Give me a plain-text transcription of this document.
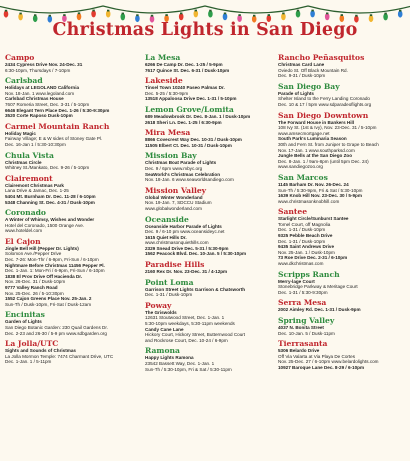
Christmas Lights in San Diego
Campo
2434 Cypress Drive Nov. 24-Dec. 31
6:30-10pm, Thursdays / 7-10pm
Carlsbad
Holidays at LEGOLAND California
Nov. 18-Jan. 1 www.legoland.com
Carlsbad Christmas House
7607 Romeria Street, Dec. 3-31 / 5-10pm
6646 Elegant Tern Place Dec. 1-26 / 5:30-9:30pm
3520 Corte Raposo Dusk-10pm
Carmel Mountain Ranch
Holiday Magic
Fairway Village; E & W sides of Stoney Gate Pl.
Dec. 16-Jan 1 / 5:30-10:30pm
Chula Vista
Christmas Circle
Whitney St./Mankato, Dec. 9-26 / 5-10pm
Clairemont
Clairemont Christmas Park
Lana Drive & Jamac, Dec. 1-25
5404 Mt. Burnham Dr. Dec. 11-28 / 6-10pm
5348 Channing St. Dec. 4-31 / Dusk-10pm
Coronado
A Winter of Whimsy, Wishes and Wonder
Hotel del Coronado, 1500 Orange Ave.
www.hoteldel.com
El Cajon
Jingle Bell Hill (Pepper Dr. Lights)
Solomon Ave./Pepper Drive
Dec. 7-26: Mon-Thr / 6-9pm, Fri-Sun / 6-10pm
Nightmare Before Christmas 11456 Pepper Pl.
Dec. 1-Jan. 1: Mon-Fri / 6-9pm, Fri-Sun / 6-10pm
1838 El Prov Drive Off Hacienda Dr.
Nov. 26-Dec. 31 / Dusk-10pm
9777 Valley Ranch Road
Nov. 25-Dec. 26 / 5-10:30pm
1552 Cajon Greens Place Nov. 25-Jan. 2
Sun-Th / Dusk-10pm, Fri-Sat / Dusk-12am
Encinitas
Garden of Lights
San Diego Botanic Garden: 230 Quail Gardens Dr.
Dec. 2-23 and 26-30 / 5-9 pm www.sdbgarden.org
La Jolla/UTC
Sights and Sounds of Christmas
La Jolla Mormon Temple: 7474 Charmant Drive, UTC
Dec. 1-Jan. 1 / 5-11pm
La Mesa
6266 De Camp Dr. Dec. 1-25 / 5-9pm
7617 Quince St. Dec. 6-31 / Dusk-10pm
Lakeside
Tinsel Town 10240 Paseo Palmas Dr.
Dec. 5-25 / 5:30-9pm
13518 Appaloosa Drive Dec. 1-31 / 5-10pm
Lemon Grove/Lomita
689 Meadowbrook Dr. Dec. 8-Jan. 1 / Dusk-10pm
2618 Sheri Ln. Dec. 1-25 / 6:30-9pm
Mira Mesa
8866 Covecrest Way Dec. 10-31 / Dusk-10pm
11505 Elbert Ct. Dec. 10-31 / Dusk-10pm
Mission Bay
Christmas Boat Parade of Lights
Dec. 9 / 6pm www.mbyc.org
SeaWorld's Christmas Celebration
Nov. 18-Jan. 6 www.seaworldsandiego.com
Mission Valley
Global Winter Wonderland
Nov. 19-Jan. 7, SDCCU Stadium
www.globalwonderland.com
Oceanside
Oceanside Harbor Parade of Lights
Dec. 9 / 6-10 pm www.oceansideyc.net
1615 Quiet Hills Dr.
www.christmasonquiethills.com
2329 Snead Drive Dec. 5-31 / 5:30-9pm
1562 Peacock Blvd. Dec. 10-Jan. 5 / 5:30-10pm
Paradise Hills
2160 Rex Dr. Nov. 23-Dec. 31 / 4-12pm
Point Loma
Garrison Street Lights Garrison & Chatsworth
Dec. 1-31 / Dusk-10pm
Poway
The Griswolds
12631 Stoutwood Street, Dec. 1-Jan. 1
5:30-10pm weekdays, 5:30-11pm weekends
Candy Cane Lane
Hickory Court, Hickory Street, Butternwood Court
and Rockrose Court, Dec. 10-24 / 6-9pm
Ramona
Happy Lights Ramona
23542 Bassett Way, Dec. 1-Jan. 1
Sun-Th / 5:30-10pm, Fri & Sat / 5:30-11pm
Rancho Peñasquitos
Christmas Card Lane
Oviedo St. Off Black Mountain Rd.
Dec. 9-31 / Dusk-10pm
San Diego Bay
Parade of Lights
Shelter Island to the Ferry Landing Coronado
Dec. 10 & 17 / 5pm www.sdparadeoflights.org
San Diego Downtown
The Forward House in Bankers Hill
108 Ivy St. (1st & Ivy), Nov. 23-Dec. 31 / 5-10pm
www.amsecmortgage.net
South Park's Luminaria Season
30th and Fern St. from Juniper to Grape to Beach
Nov. 17-Jan. 1 www.southparksd.com
Jungle Bells at the San Diego Zoo
Dec. 8-Jan. 1 / 9am-8pm (until 5pm Dec. 24)
www.sandiegozoo.org
San Marcos
1145 Barham Dr. Nov. 26-Dec. 24
Sun-Th / 5:30-9pm, Fri & Sat / 5:30-10pm
1639 Knob Hill Nov. 23-Dec. 30 / 5-9pm
www.christmasonknobhill.com
Santee
Starlight Circle/Sunburst Santee
Tomel Court, off Magnolia
Dec. 1-31 / Dusk-10pm
9325 Pebble Beach Drive
Dec. 1-31 / Dusk-10pm
9435 Saint Andrews Drive
Nov. 25-Jan. 1 / Dusk-10pm
73 Roe Drive Dec. 2-31 / 6-10pm
www.dkchristmas.com
Scripps Ranch
Merry-lage Court
Stonebridge Parkway & Meritage Court
Dec. 1-31 / 5:30-9:30pm
Serra Mesa
2002 Aimley Rd. Dec. 1-31 / Dusk-9pm
Spring Valley
4037 N. Bonita Street
Dec. 10-Jan. 5 / Dusk-11pm
Tierrasanta
5306 Belardo Drive
Off Via Valarta at Via Playa De Cortes
Nov. 25-Dec. 27 / 6-10pm www.belardolights.com
10927 Baroque Lane Dec. 8-29 / 6-10pm
